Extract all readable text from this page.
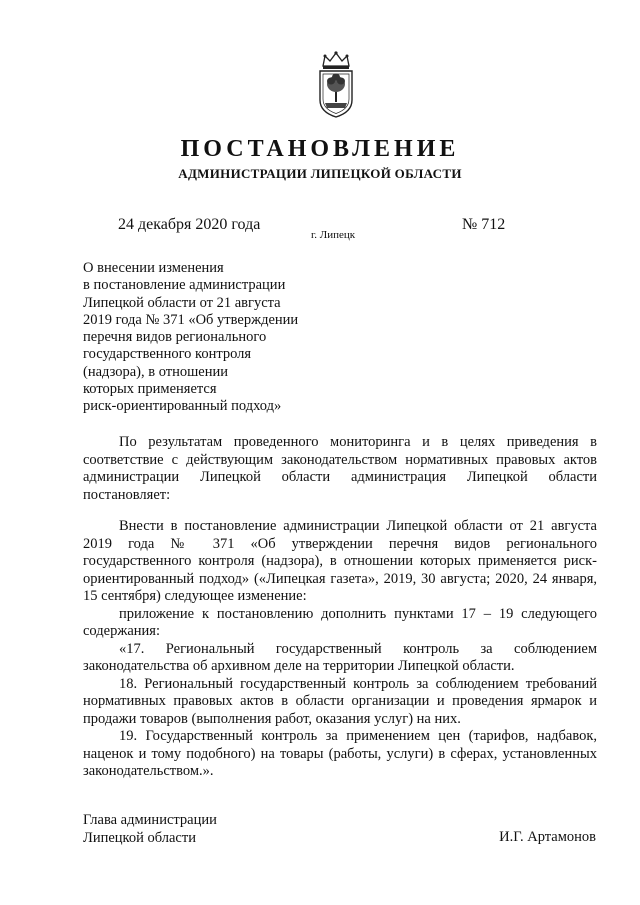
ПОСТАНОВЛЕНИЕ
АДМИНИСТРАЦИИ ЛИПЕЦКОЙ ОБЛАСТИ
24 декабря 2020 года
г. Липецк
№ 712
О внесении изменения
в постановление администрации
Липецкой области от 21 августа
2019 года № 371 «Об утверждении
перечня видов регионального
государственного контроля
(надзора), в отношении
которых применяется
риск-ориентированный подход»

По результатам проведенного мониторинга и в целях приведения в соответствие с действующим законодательством нормативных правовых актов администрации Липецкой области администрация Липецкой области постановляет:

Внести в постановление администрации Липецкой области от 21 августа 2019 года № 371 «Об утверждении перечня видов регионального государственного контроля (надзора), в отношении которых применяется риск-ориентированный подход» («Липецкая газета», 2019, 30 августа; 2020, 24 января, 15 сентября) следующее изменение:

приложение к постановлению дополнить пунктами 17 – 19 следующего содержания:

«17. Региональный государственный контроль за соблюдением законодательства об архивном деле на территории Липецкой области.

18. Региональный государственный контроль за соблюдением требований нормативных правовых актов в области организации и проведения ярмарок и продажи товаров (выполнения работ, оказания услуг) на них.

19. Государственный контроль за применением цен (тарифов, надбавок, наценок и тому подобного) на товары (работы, услуги) в сферах, установленных законодательством.».

Глава администрации
Липецкой области	И.Г. Артамонов
